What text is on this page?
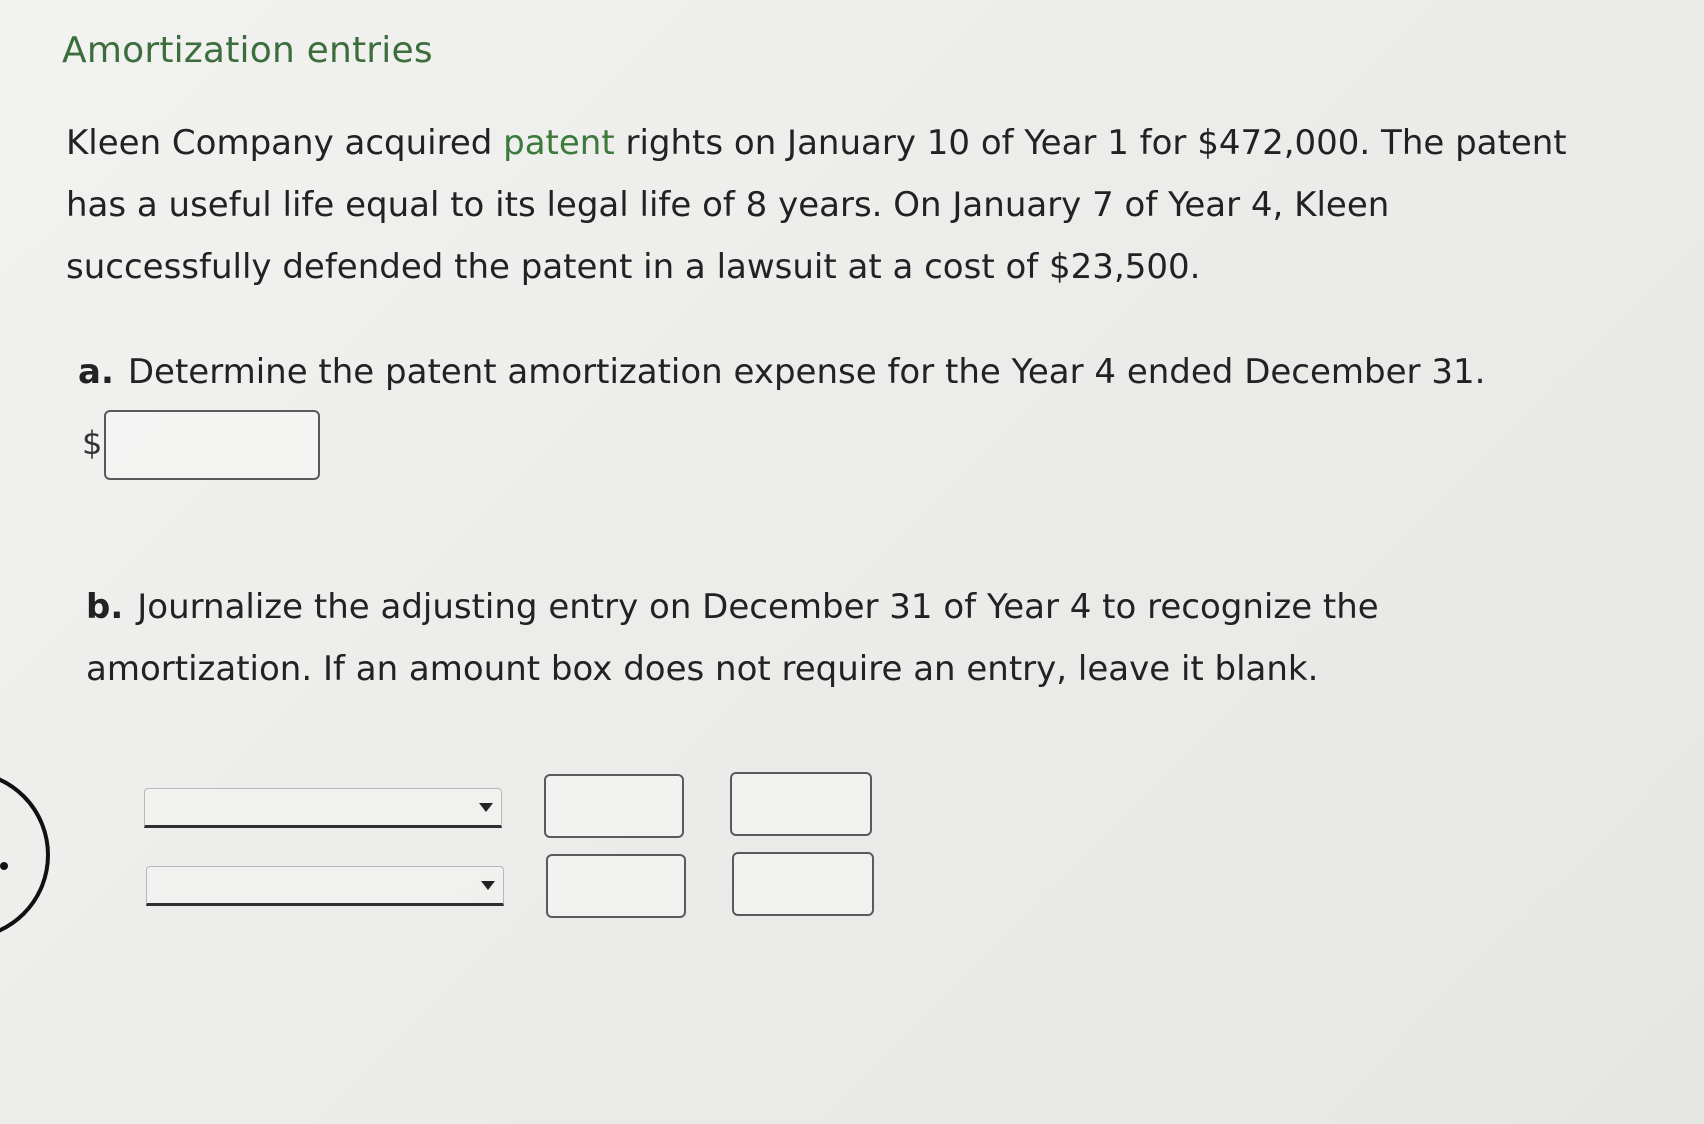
Amortization entries
Kleen Company acquired patent rights on January 10 of Year 1 for $472,000. The patent
has a useful life equal to its legal life of 8 years. On January 7 of Year 4, Kleen
successfully defended the patent in a lawsuit at a cost of $23,500.
a. Determine the patent amortization expense for the Year 4 ended December 31.
$
b. Journalize the adjusting entry on December 31 of Year 4 to recognize the
amortization. If an amount box does not require an entry, leave it blank.
